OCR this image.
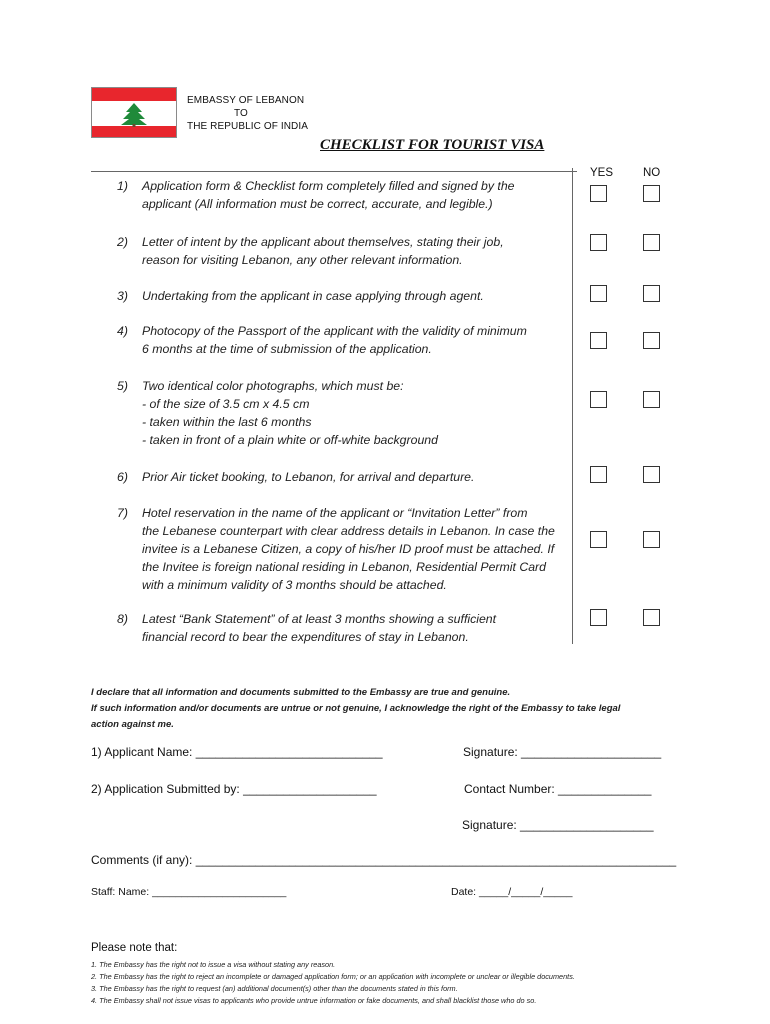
EMBASSY OF LEBANON
TO
THE REPUBLIC OF INDIA
CHECKLIST FOR TOURIST VISA
YES	NO
1) Application form & Checklist form completely filled and signed by the
applicant (All information must be correct, accurate, and legible.)
2) Letter of intent by the applicant about themselves, stating their job,
reason for visiting Lebanon, any other relevant information.
3) Undertaking from the applicant in case applying through agent.
4) Photocopy of the Passport of the applicant with the validity of minimum
6 months at the time of submission of the application.
5) Two identical color photographs, which must be:
- of the size of 3.5 cm x 4.5 cm
- taken within the last 6 months
- taken in front of a plain white or off-white background
6) Prior Air ticket booking, to Lebanon, for arrival and departure.
7) Hotel reservation in the name of the applicant or “Invitation Letter” from
the Lebanese counterpart with clear address details in Lebanon. In case the
invitee is a Lebanese Citizen, a copy of his/her ID proof must be attached. If
the Invitee is foreign national residing in Lebanon, Residential Permit Card
with a minimum validity of 3 months should be attached.
8) Latest “Bank Statement” of at least 3 months showing a sufficient
financial record to bear the expenditures of stay in Lebanon.
I declare that all information and documents submitted to the Embassy are true and genuine.
If such information and/or documents are untrue or not genuine, I acknowledge the right of the Embassy to take legal
action against me.
1) Applicant Name: ____________________________	Signature: _____________________
2) Application Submitted by: ____________________	Contact Number: ______________
Signature: ____________________
Comments (if any): ________________________________________________________________________
Staff: Name: _______________________	Date: _____/_____/_____
Please note that:
1. The Embassy has the right not to issue a visa without stating any reason.
2. The Embassy has the right to reject an incomplete or damaged application form; or an application with incomplete or unclear or illegible documents.
3. The Embassy has the right to request (an) additional document(s) other than the documents stated in this form.
4. The Embassy shall not issue visas to applicants who provide untrue information or fake documents, and shall blacklist those who do so.
